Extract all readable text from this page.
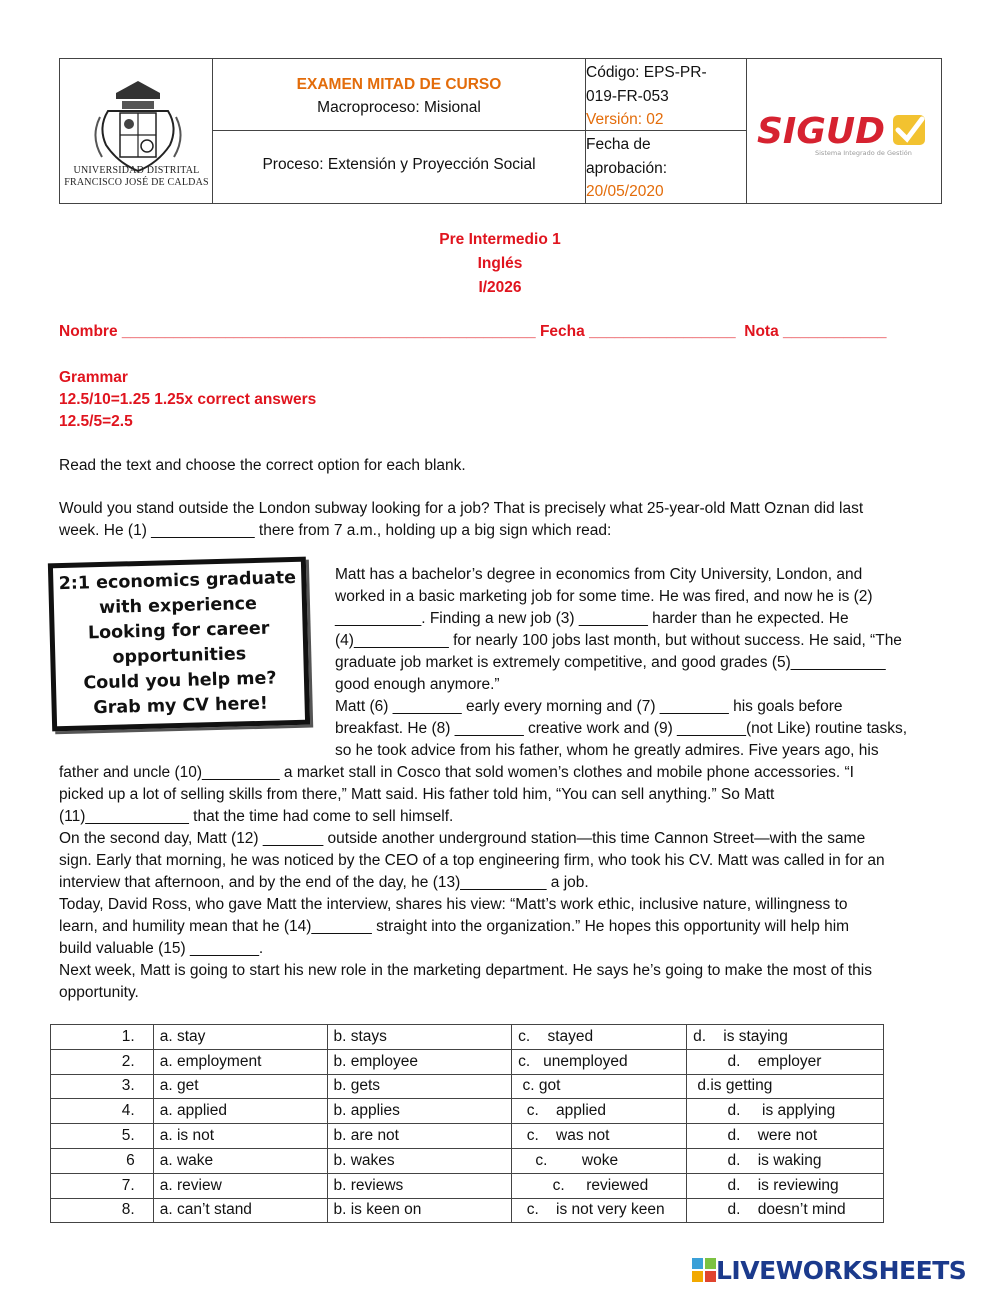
UNIVERSIDAD DISTRITAL
FRANCISCO JOSÉ DE CALDAS
EXAMEN MITAD DE CURSO
Macroproceso: Misional
Proceso: Extensión y Proyección Social
Código: EPS-PR-
019-FR-053
Versión: 02
Fecha de
aprobación:
20/05/2020
SIGUD
Sistema Integrado de Gestión
Pre Intermedio 1
Inglés
I/2026
Nombre ________________________________________________ Fecha _________________ Nota ____________
Grammar
12.5/10=1.25 1.25x correct answers
12.5/5=2.5
Read the text and choose the correct option for each blank.
Would you stand outside the London subway looking for a job? That is precisely what 25-year-old Matt Oznan did last
week. He (1) ____________ there from 7 a.m., holding up a big sign which read:
2:1 economics graduate
with experience
Looking for career
opportunities
Could you help me?
Grab my CV here!
Matt has a bachelor’s degree in economics from City University, London, and
worked in a basic marketing job for some time. He was fired, and now he is (2)
__________. Finding a new job (3) ________ harder than he expected. He
(4)___________ for nearly 100 jobs last month, but without success. He said, “The
graduate job market is extremely competitive, and good grades (5)___________
good enough anymore.”
Matt (6) ________ early every morning and (7) ________ his goals before
breakfast. He (8) ________ creative work and (9) ________(not Like) routine tasks,
so he took advice from his father, whom he greatly admires. Five years ago, his
father and uncle (10)_________ a market stall in Cosco that sold women’s clothes and mobile phone accessories. “I
picked up a lot of selling skills from there,” Matt said. His father told him, “You can sell anything.” So Matt
(11)____________ that the time had come to sell himself.
On the second day, Matt (12) _______ outside another underground station—this time Cannon Street—with the same
sign. Early that morning, he was noticed by the CEO of a top engineering firm, who took his CV. Matt was called in for an
interview that afternoon, and by the end of the day, he (13)__________ a job.
Today, David Ross, who gave Matt the interview, shares his view: “Matt’s work ethic, inclusive nature, willingness to
learn, and humility mean that he (14)_______ straight into the organization.” He hopes this opportunity will help him
build valuable (15) ________.
Next week, Matt is going to start his new role in the marketing department. He says he’s going to make the most of this
opportunity.
1.	a. stay	b. stays	c.    stayed	d.    is staying
2.	a. employment	b. employee	c.   unemployed	d.    employer
3.	a. get	b. gets	c. got	d.is getting
4.	a. applied	b. applies	c.    applied	d.     is applying
5.	a. is not	b. are not	c.    was not	d.    were not
6	a. wake	b. wakes	c.        woke	d.    is waking
7.	a. review	b. reviews	c.     reviewed	d.    is reviewing
8.	a. can’t stand	b. is keen on	c.    is not very keen	d.    doesn’t mind
LIVEWORKSHEETS
